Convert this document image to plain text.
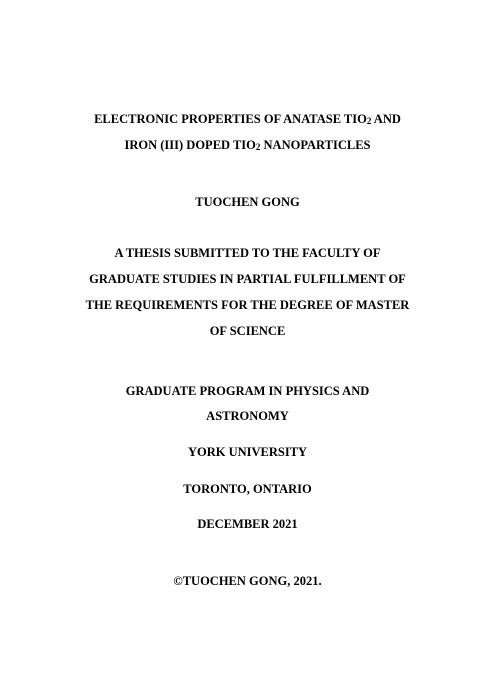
ELECTRONIC PROPERTIES OF ANATASE TIO2 AND
IRON (III) DOPED TIO2 NANOPARTICLES
TUOCHEN GONG
A THESIS SUBMITTED TO THE FACULTY OF
GRADUATE STUDIES IN PARTIAL FULFILLMENT OF
THE REQUIREMENTS FOR THE DEGREE OF MASTER
OF SCIENCE
GRADUATE PROGRAM IN PHYSICS AND
ASTRONOMY
YORK UNIVERSITY
TORONTO, ONTARIO
DECEMBER 2021
©TUOCHEN GONG, 2021.
